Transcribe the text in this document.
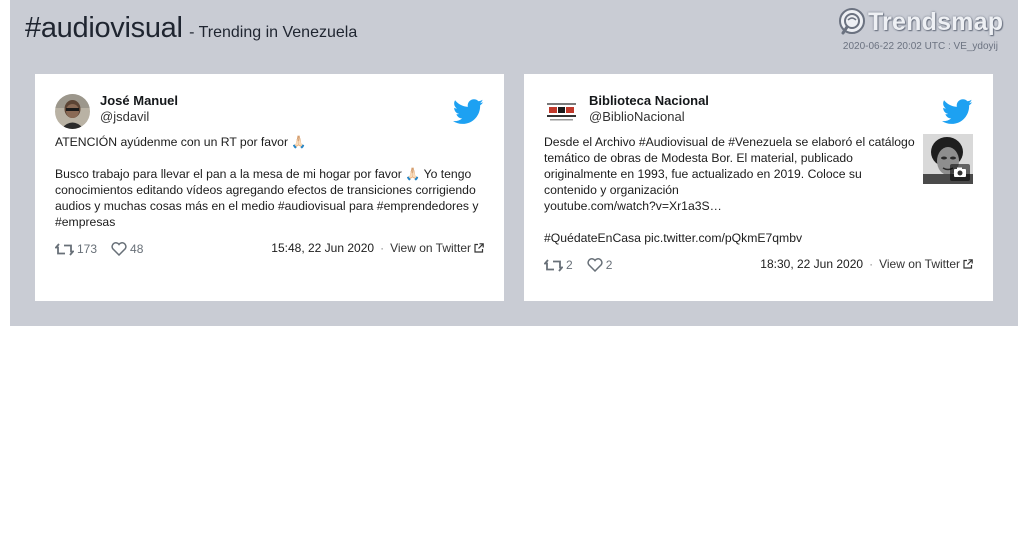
#audiovisual - Trending in Venezuela	Trendsmap
2020-06-22 20:02 UTC : VE_ydoyij
José Manuel
@jsdavil

ATENCIÓN ayúdenme con un RT por favor 🙏🏻

Busco trabajo para llevar el pan a la mesa de mi hogar por favor 🙏🏻 Yo tengo conocimientos editando vídeos agregando efectos de transiciones corrigiendo audios y muchas cosas más en el medio #audiovisual para #emprendedores y #empresas

173	48	15:48, 22 Jun 2020 · View on Twitter
Biblioteca Nacional
@BiblioNacional

Desde el Archivo #Audiovisual de #Venezuela se elaboró el catálogo temático de obras de Modesta Bor. El material, publicado originalmente en 1993, fue actualizado en 2019. Coloce su contenido y organización

youtube.com/watch?v=Xr1a3S…

#QuédateEnCasa pic.twitter.com/pQkmE7qmbv

2	2	18:30, 22 Jun 2020 · View on Twitter
